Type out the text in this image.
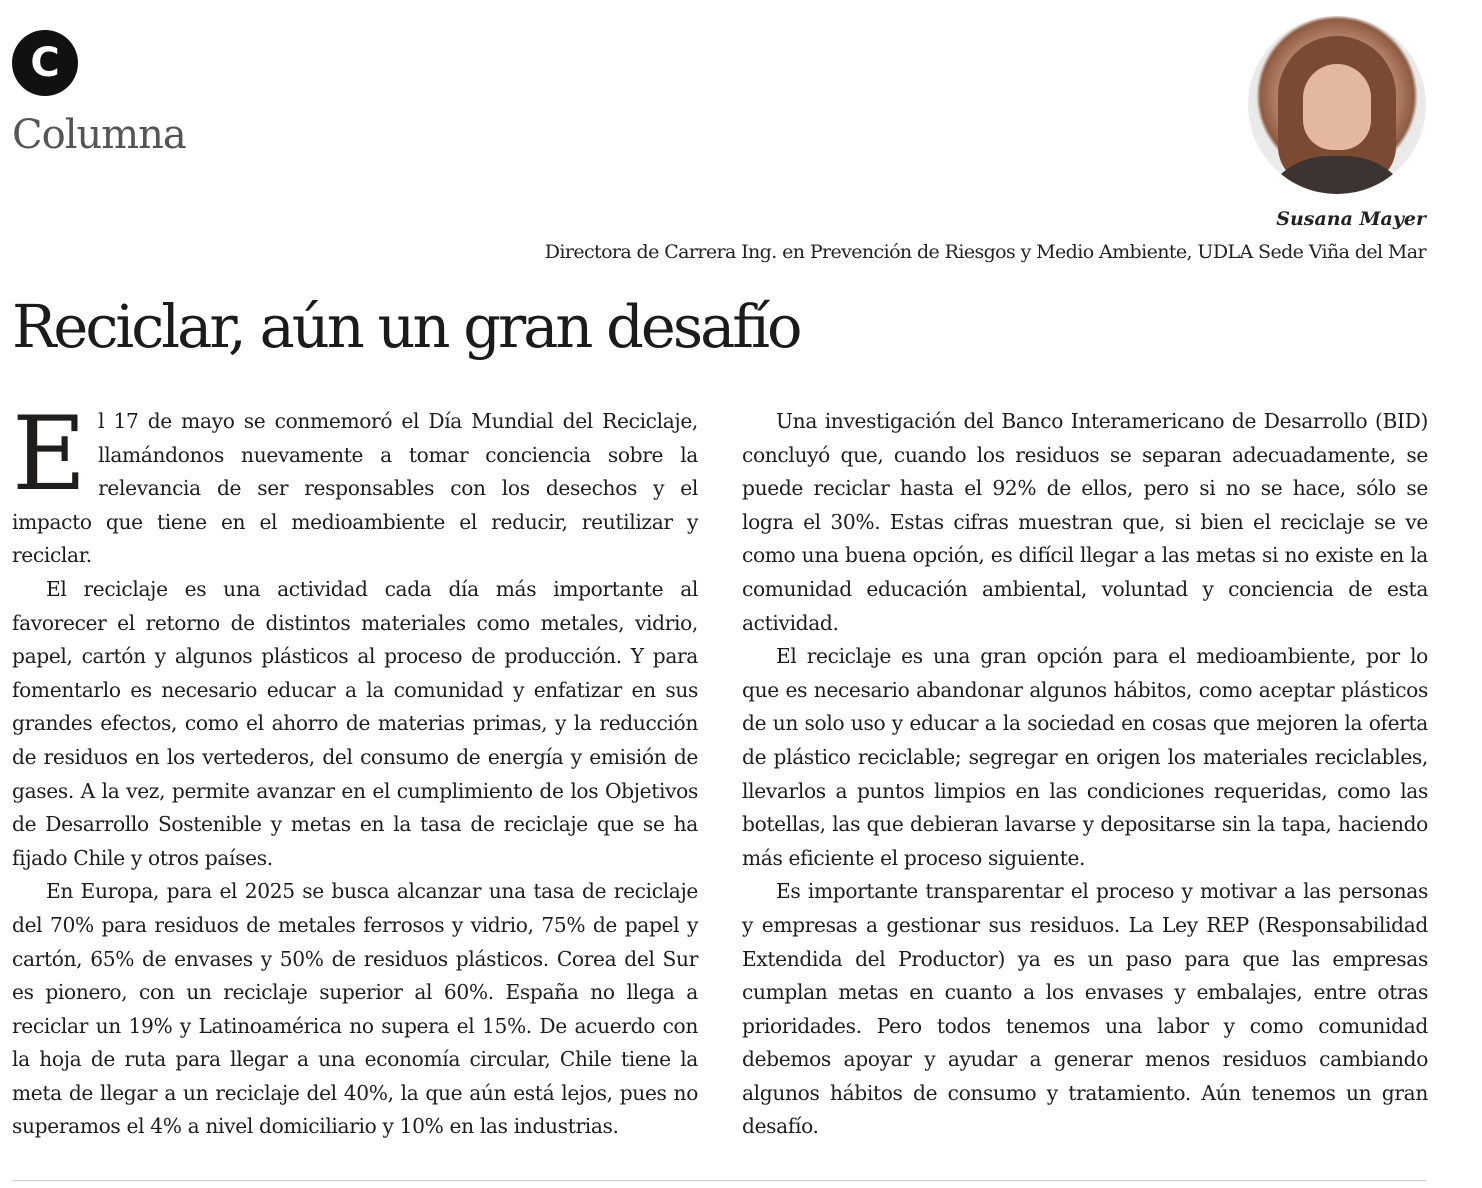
C
Columna
Susana Mayer
Directora de Carrera Ing. en Prevención de Riesgos y Medio Ambiente, UDLA Sede Viña del Mar
Reciclar, aún un gran desafío

El 17 de mayo se conmemoró el Día Mundial del Reciclaje, llamándonos nuevamente a tomar conciencia sobre la relevancia de ser responsables con los desechos y el impacto que tiene en el medioambiente el reducir, reutilizar y reciclar.

El reciclaje es una actividad cada día más importante al favorecer el retorno de distintos materiales como metales, vidrio, papel, cartón y algunos plásticos al proceso de producción. Y para fomentarlo es necesario educar a la comunidad y enfatizar en sus grandes efectos, como el ahorro de materias primas, y la reducción de residuos en los vertederos, del consumo de energía y emisión de gases. A la vez, permite avanzar en el cumplimiento de los Objetivos de Desarrollo Sostenible y metas en la tasa de reciclaje que se ha fijado Chile y otros países.

En Europa, para el 2025 se busca alcanzar una tasa de reciclaje del 70% para residuos de metales ferrosos y vidrio, 75% de papel y cartón, 65% de envases y 50% de residuos plásticos. Corea del Sur es pionero, con un reciclaje superior al 60%. España no llega a reciclar un 19% y Latinoamérica no supera el 15%. De acuerdo con la hoja de ruta para llegar a una economía circular, Chile tiene la meta de llegar a un reciclaje del 40%, la que aún está lejos, pues no superamos el 4% a nivel domiciliario y 10% en las industrias.

Una investigación del Banco Interamericano de Desarrollo (BID) concluyó que, cuando los residuos se separan adecuadamente, se puede reciclar hasta el 92% de ellos, pero si no se hace, sólo se logra el 30%. Estas cifras muestran que, si bien el reciclaje se ve como una buena opción, es difícil llegar a las metas si no existe en la comunidad educación ambiental, voluntad y conciencia de esta actividad.

El reciclaje es una gran opción para el medioambiente, por lo que es necesario abandonar algunos hábitos, como aceptar plásticos de un solo uso y educar a la sociedad en cosas que mejoren la oferta de plástico reciclable; segregar en origen los materiales reciclables, llevarlos a puntos limpios en las condiciones requeridas, como las botellas, las que debieran lavarse y depositarse sin la tapa, haciendo más eficiente el proceso siguiente.

Es importante transparentar el proceso y motivar a las personas y empresas a gestionar sus residuos. La Ley REP (Responsabilidad Extendida del Productor) ya es un paso para que las empresas cumplan metas en cuanto a los envases y embalajes, entre otras prioridades. Pero todos tenemos una labor y como comunidad debemos apoyar y ayudar a generar menos residuos cambiando algunos hábitos de consumo y tratamiento. Aún tenemos un gran desafío.
